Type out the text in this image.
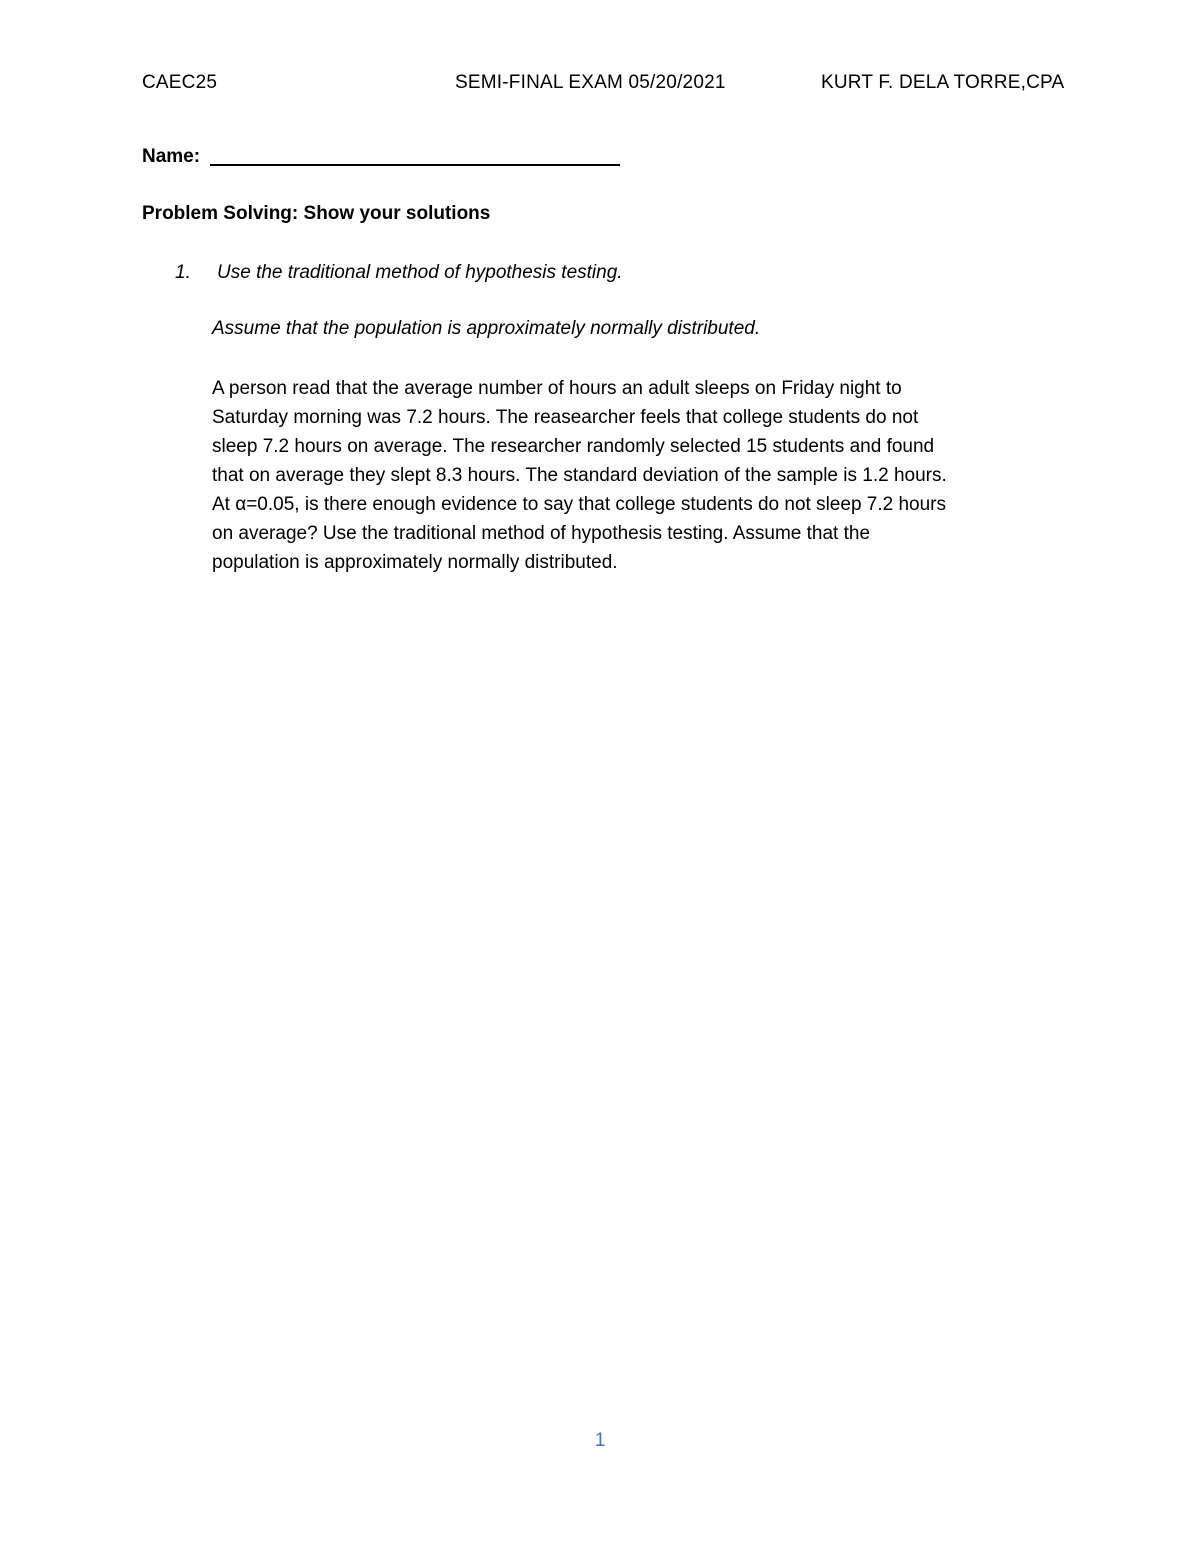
CAEC25	SEMI-FINAL EXAM 05/20/2021	KURT F. DELA TORRE,CPA
Name:
Problem Solving: Show your solutions
1. Use the traditional method of hypothesis testing.
Assume that the population is approximately normally distributed.
A person read that the average number of hours an adult sleeps on Friday night to
Saturday morning was 7.2 hours. The reasearcher feels that college students do not
sleep 7.2 hours on average. The researcher randomly selected 15 students and found
that on average they slept 8.3 hours. The standard deviation of the sample is 1.2 hours.
At α=0.05, is there enough evidence to say that college students do not sleep 7.2 hours
on average? Use the traditional method of hypothesis testing. Assume that the
population is approximately normally distributed.
1
